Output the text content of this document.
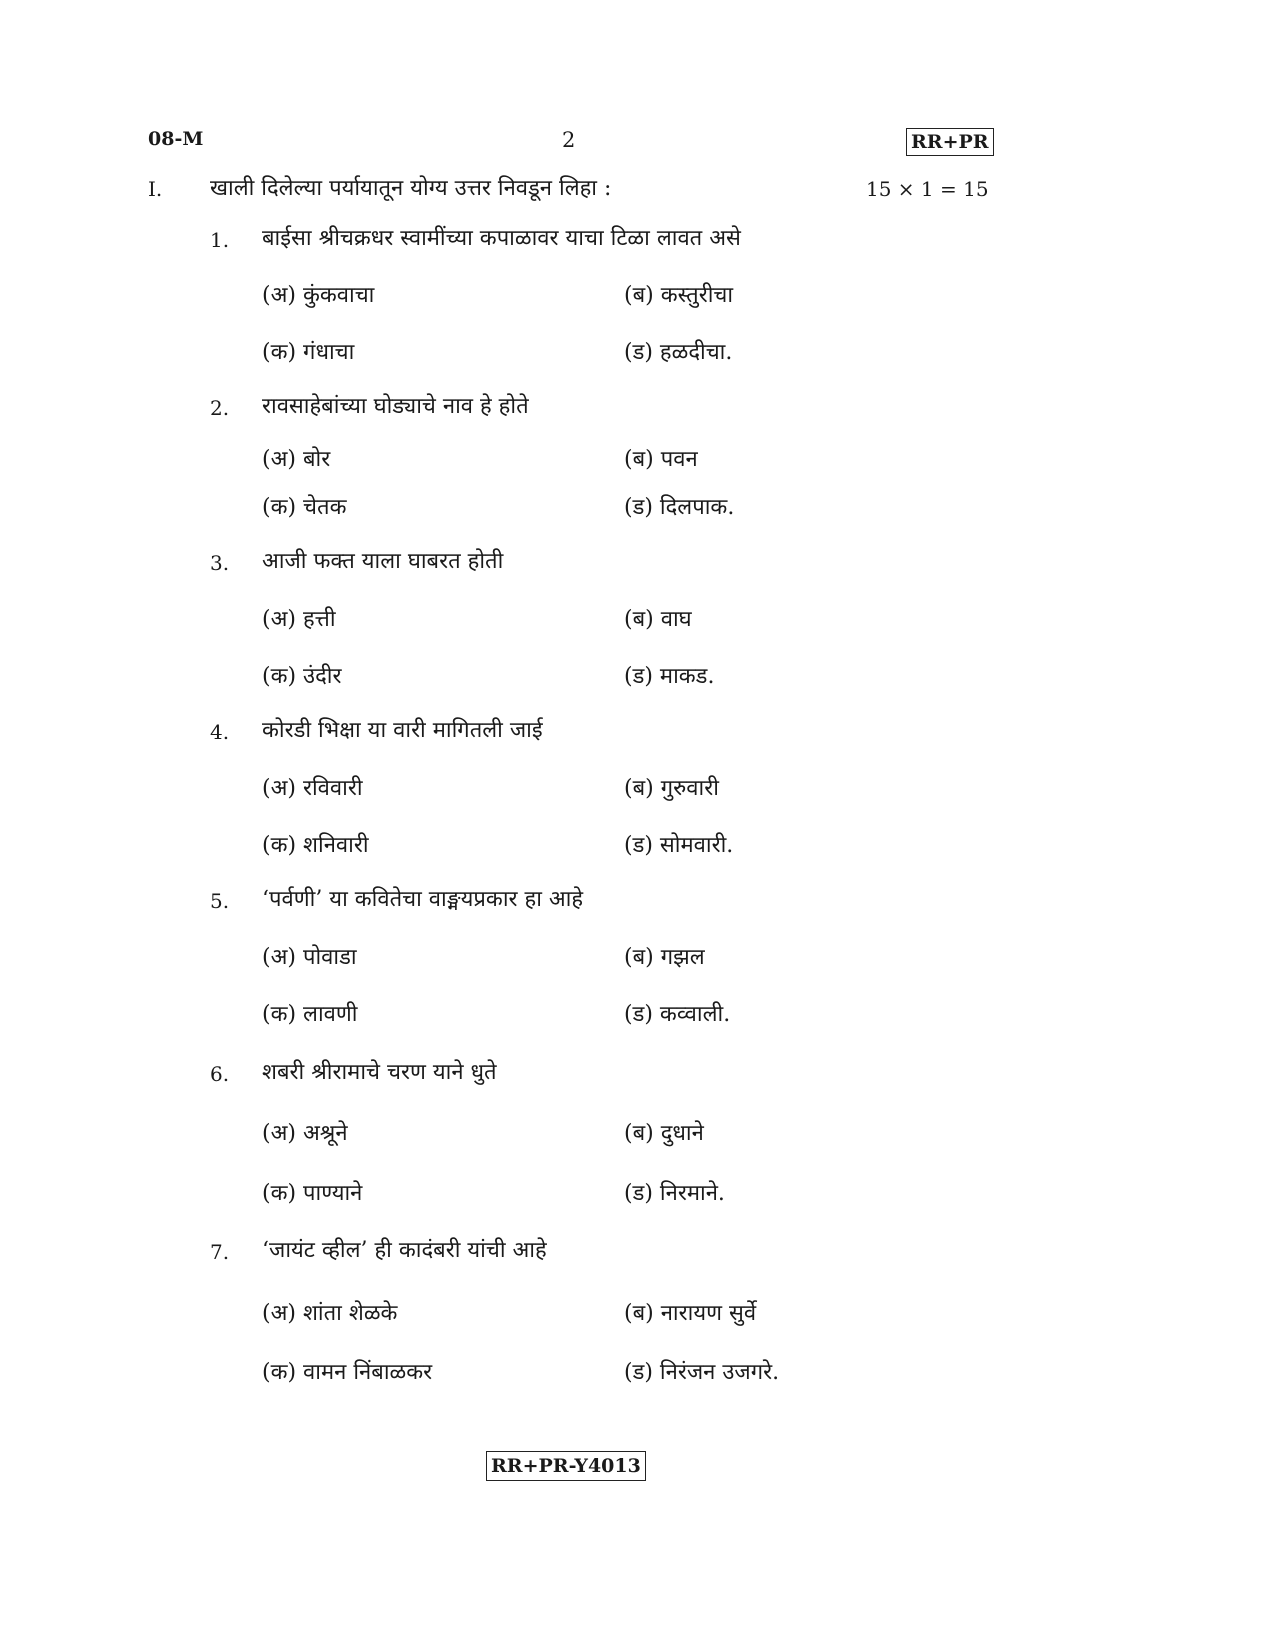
08-M	2	RR+PR
I. खाली दिलेल्या पर्यायातून योग्य उत्तर निवडून लिहा :	15 × 1 = 15
1. बाईसा श्रीचक्रधर स्वामींच्या कपाळावर याचा टिळा लावत असे
(अ) कुंकवाचा	(ब) कस्तुरीचा
(क) गंधाचा	(ड) हळदीचा.
2. रावसाहेबांच्या घोड्याचे नाव हे होते
(अ) बोर	(ब) पवन
(क) चेतक	(ड) दिलपाक.
3. आजी फक्त याला घाबरत होती
(अ) हत्ती	(ब) वाघ
(क) उंदीर	(ड) माकड.
4. कोरडी भिक्षा या वारी मागितली जाई
(अ) रविवारी	(ब) गुरुवारी
(क) शनिवारी	(ड) सोमवारी.
5. ‘पर्वणी’ या कवितेचा वाङ्मयप्रकार हा आहे
(अ) पोवाडा	(ब) गझल
(क) लावणी	(ड) कव्वाली.
6. शबरी श्रीरामाचे चरण याने धुते
(अ) अश्रूने	(ब) दुधाने
(क) पाण्याने	(ड) निरमाने.
7. ‘जायंट व्हील’ ही कादंबरी यांची आहे
(अ) शांता शेळके	(ब) नारायण सुर्वे
(क) वामन निंबाळकर	(ड) निरंजन उजगरे.
RR+PR-Y4013
